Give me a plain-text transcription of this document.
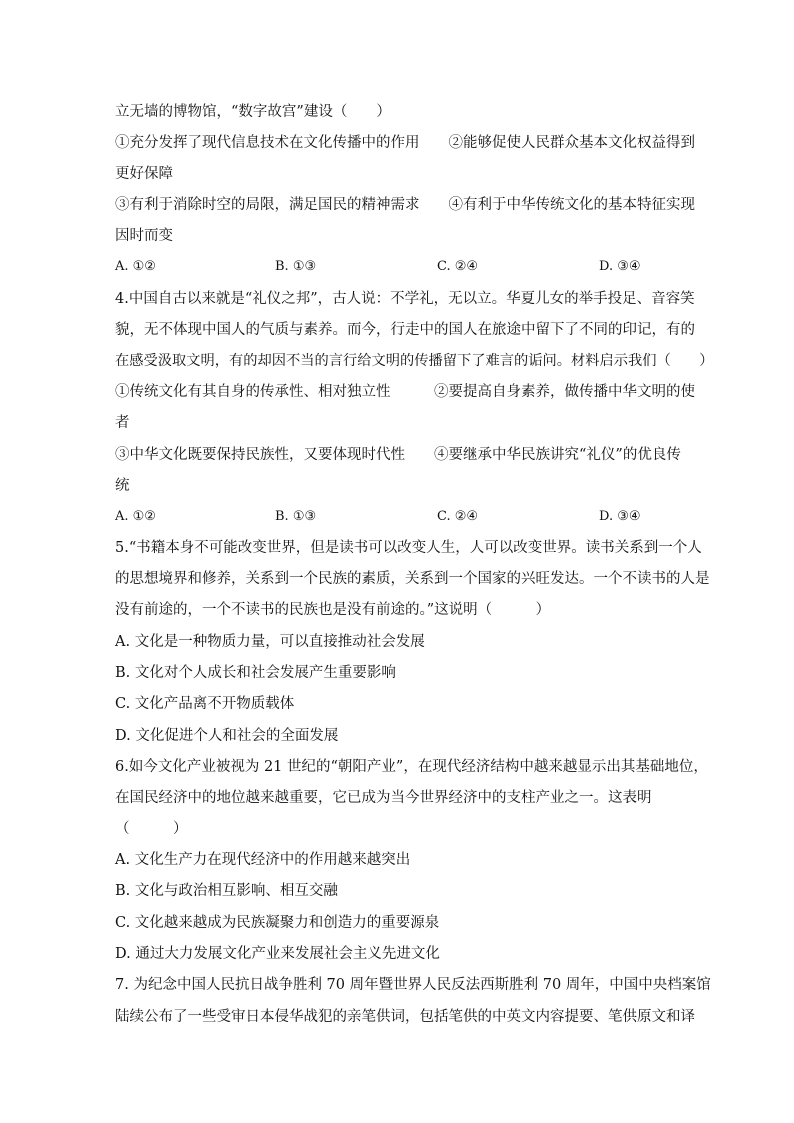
立无墙的博物馆，“数字故宫”建设（　　）
①充分发挥了现代信息技术在文化传播中的作用　　②能够促使人民群众基本文化权益得到
更好保障
③有利于消除时空的局限，满足国民的精神需求　　④有利于中华传统文化的基本特征实现
因时而变
A. ①②	B. ①③	C. ②④	D. ③④
4.中国自古以来就是“礼仪之邦”，古人说：不学礼，无以立。华夏儿女的举手投足、音容笑
貌，无不体现中国人的气质与素养。而今，行走中的国人在旅途中留下了不同的印记，有的
在感受汲取文明，有的却因不当的言行给文明的传播留下了难言的诟问。材料启示我们（　　）
①传统文化有其自身的传承性、相对独立性　　　②要提高自身素养，做传播中华文明的使
者
③中华文化既要保持民族性，又要体现时代性　　④要继承中华民族讲究“礼仪”的优良传
统
A. ①②	B. ①③	C. ②④	D. ③④
5.“书籍本身不可能改变世界，但是读书可以改变人生，人可以改变世界。读书关系到一个人
的思想境界和修养，关系到一个民族的素质，关系到一个国家的兴旺发达。一个不读书的人是
没有前途的，一个不读书的民族也是没有前途的。”这说明（　　　）
A. 文化是一种物质力量，可以直接推动社会发展
B. 文化对个人成长和社会发展产生重要影响
C. 文化产品离不开物质载体
D. 文化促进个人和社会的全面发展
6.如今文化产业被视为 21 世纪的“朝阳产业”，在现代经济结构中越来越显示出其基础地位，
在国民经济中的地位越来越重要，它已成为当今世界经济中的支柱产业之一。这表明
（　　　）
A. 文化生产力在现代经济中的作用越来越突出
B. 文化与政治相互影响、相互交融
C. 文化越来越成为民族凝聚力和创造力的重要源泉
D. 通过大力发展文化产业来发展社会主义先进文化
7. 为纪念中国人民抗日战争胜利 70 周年暨世界人民反法西斯胜利 70 周年，中国中央档案馆
陆续公布了一些受审日本侵华战犯的亲笔供词，包括笔供的中英文内容提要、笔供原文和译
